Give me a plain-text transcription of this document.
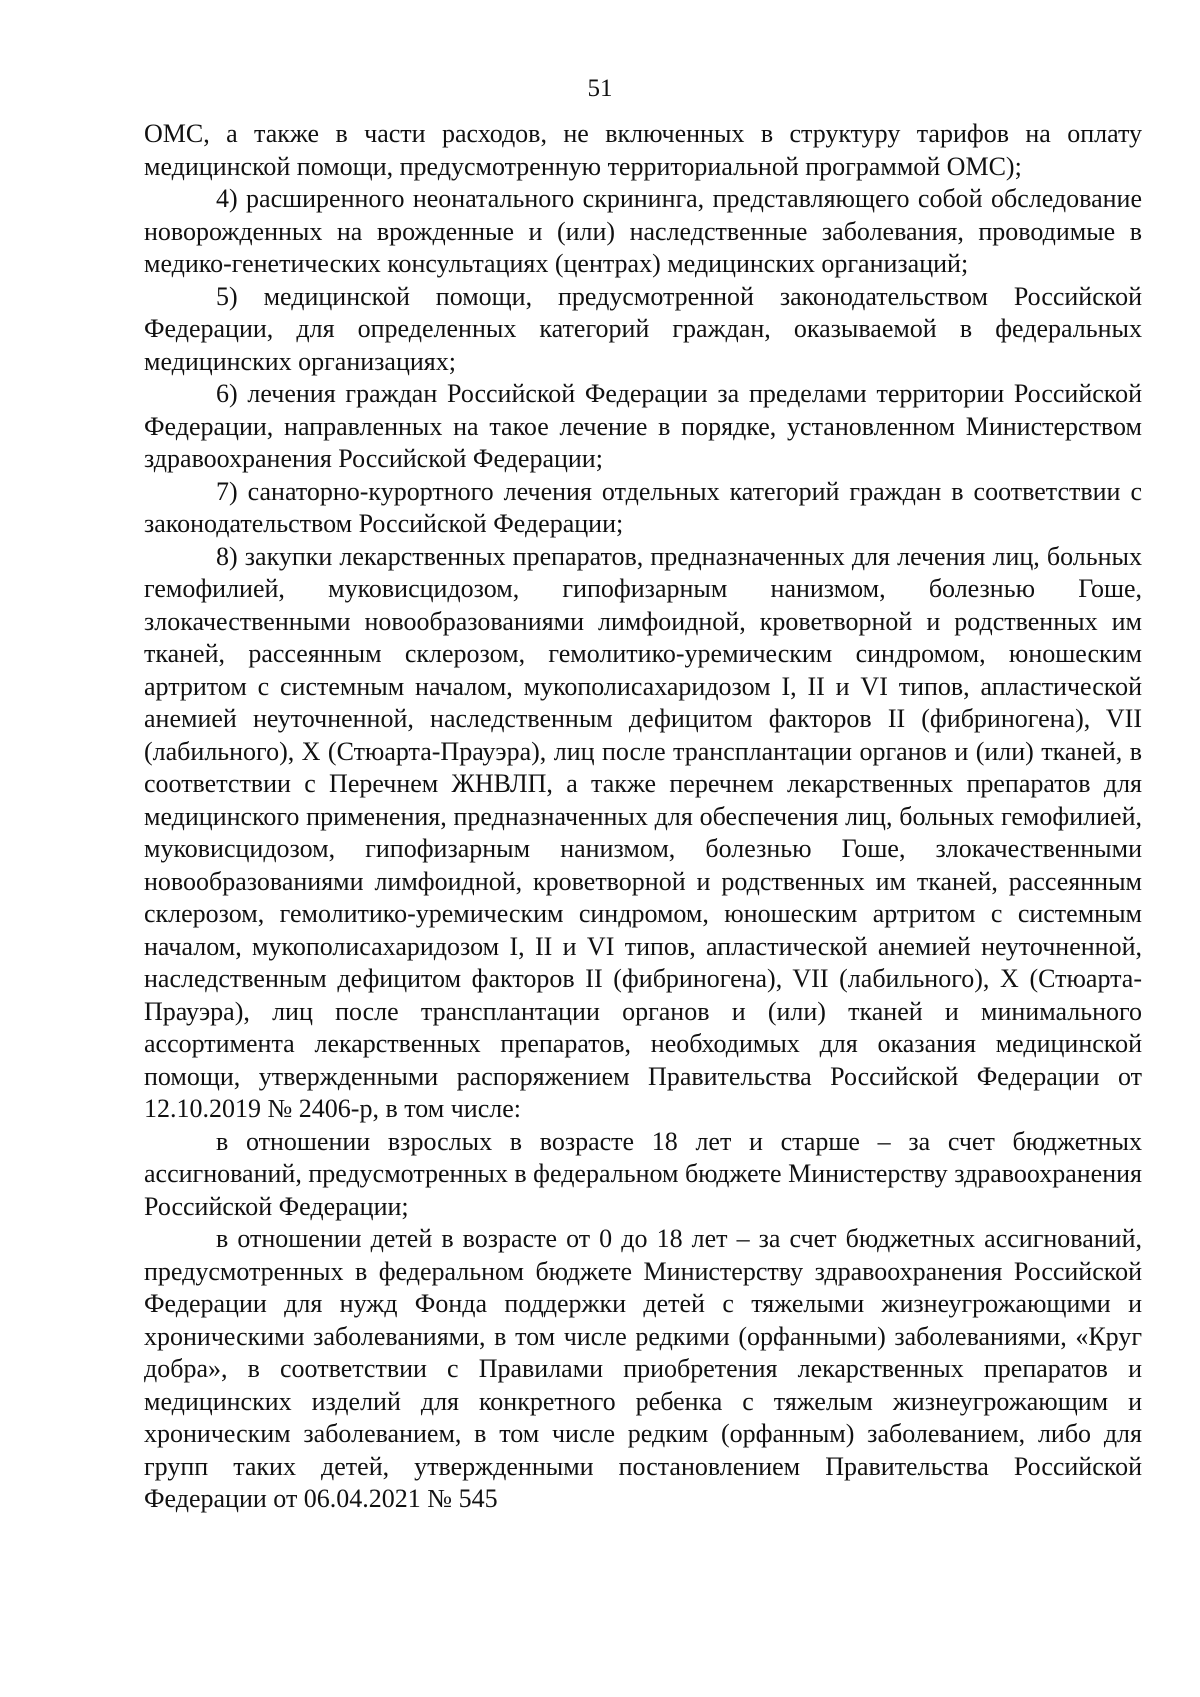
51

ОМС, а также в части расходов, не включенных в структуру тарифов на оплату медицинской помощи, предусмотренную территориальной программой ОМС);

4) расширенного неонатального скрининга, представляющего собой обследование новорожденных на врожденные и (или) наследственные заболевания, проводимые в медико-генетических консультациях (центрах) медицинских организаций;

5) медицинской помощи, предусмотренной законодательством Российской Федерации, для определенных категорий граждан, оказываемой в федеральных медицинских организациях;

6) лечения граждан Российской Федерации за пределами территории Российской Федерации, направленных на такое лечение в порядке, установленном Министерством здравоохранения Российской Федерации;

7) санаторно-курортного лечения отдельных категорий граждан в соответствии с законодательством Российской Федерации;

8) закупки лекарственных препаратов, предназначенных для лечения лиц, больных гемофилией, муковисцидозом, гипофизарным нанизмом, болезнью Гоше, злокачественными новообразованиями лимфоидной, кроветворной и родственных им тканей, рассеянным склерозом, гемолитико-уремическим синдромом, юношеским артритом с системным началом, мукополисахаридозом I, II и VI типов, апластической анемией неуточненной, наследственным дефицитом факторов II (фибриногена), VII (лабильного), X (Стюарта-Прауэра), лиц после трансплантации органов и (или) тканей, в соответствии с Перечнем ЖНВЛП, а также перечнем лекарственных препаратов для медицинского применения, предназначенных для обеспечения лиц, больных гемофилией, муковисцидозом, гипофизарным нанизмом, болезнью Гоше, злокачественными новообразованиями лимфоидной, кроветворной и родственных им тканей, рассеянным склерозом, гемолитико-уремическим синдромом, юношеским артритом с системным началом, мукополисахаридозом I, II и VI типов, апластической анемией неуточненной, наследственным дефицитом факторов II (фибриногена), VII (лабильного), X (Стюарта-Прауэра), лиц после трансплантации органов и (или) тканей и минимального ассортимента лекарственных препаратов, необходимых для оказания медицинской помощи, утвержденными распоряжением Правительства Российской Федерации от 12.10.2019 № 2406-р, в том числе:

в отношении взрослых в возрасте 18 лет и старше – за счет бюджетных ассигнований, предусмотренных в федеральном бюджете Министерству здравоохранения Российской Федерации;

в отношении детей в возрасте от 0 до 18 лет – за счет бюджетных ассигнований, предусмотренных в федеральном бюджете Министерству здравоохранения Российской Федерации для нужд Фонда поддержки детей с тяжелыми жизнеугрожающими и хроническими заболеваниями, в том числе редкими (орфанными) заболеваниями, «Круг добра», в соответствии с Правилами приобретения лекарственных препаратов и медицинских изделий для конкретного ребенка с тяжелым жизнеугрожающим и хроническим заболеванием, в том числе редким (орфанным) заболеванием, либо для групп таких детей, утвержденными постановлением Правительства Российской Федерации от 06.04.2021 № 545
